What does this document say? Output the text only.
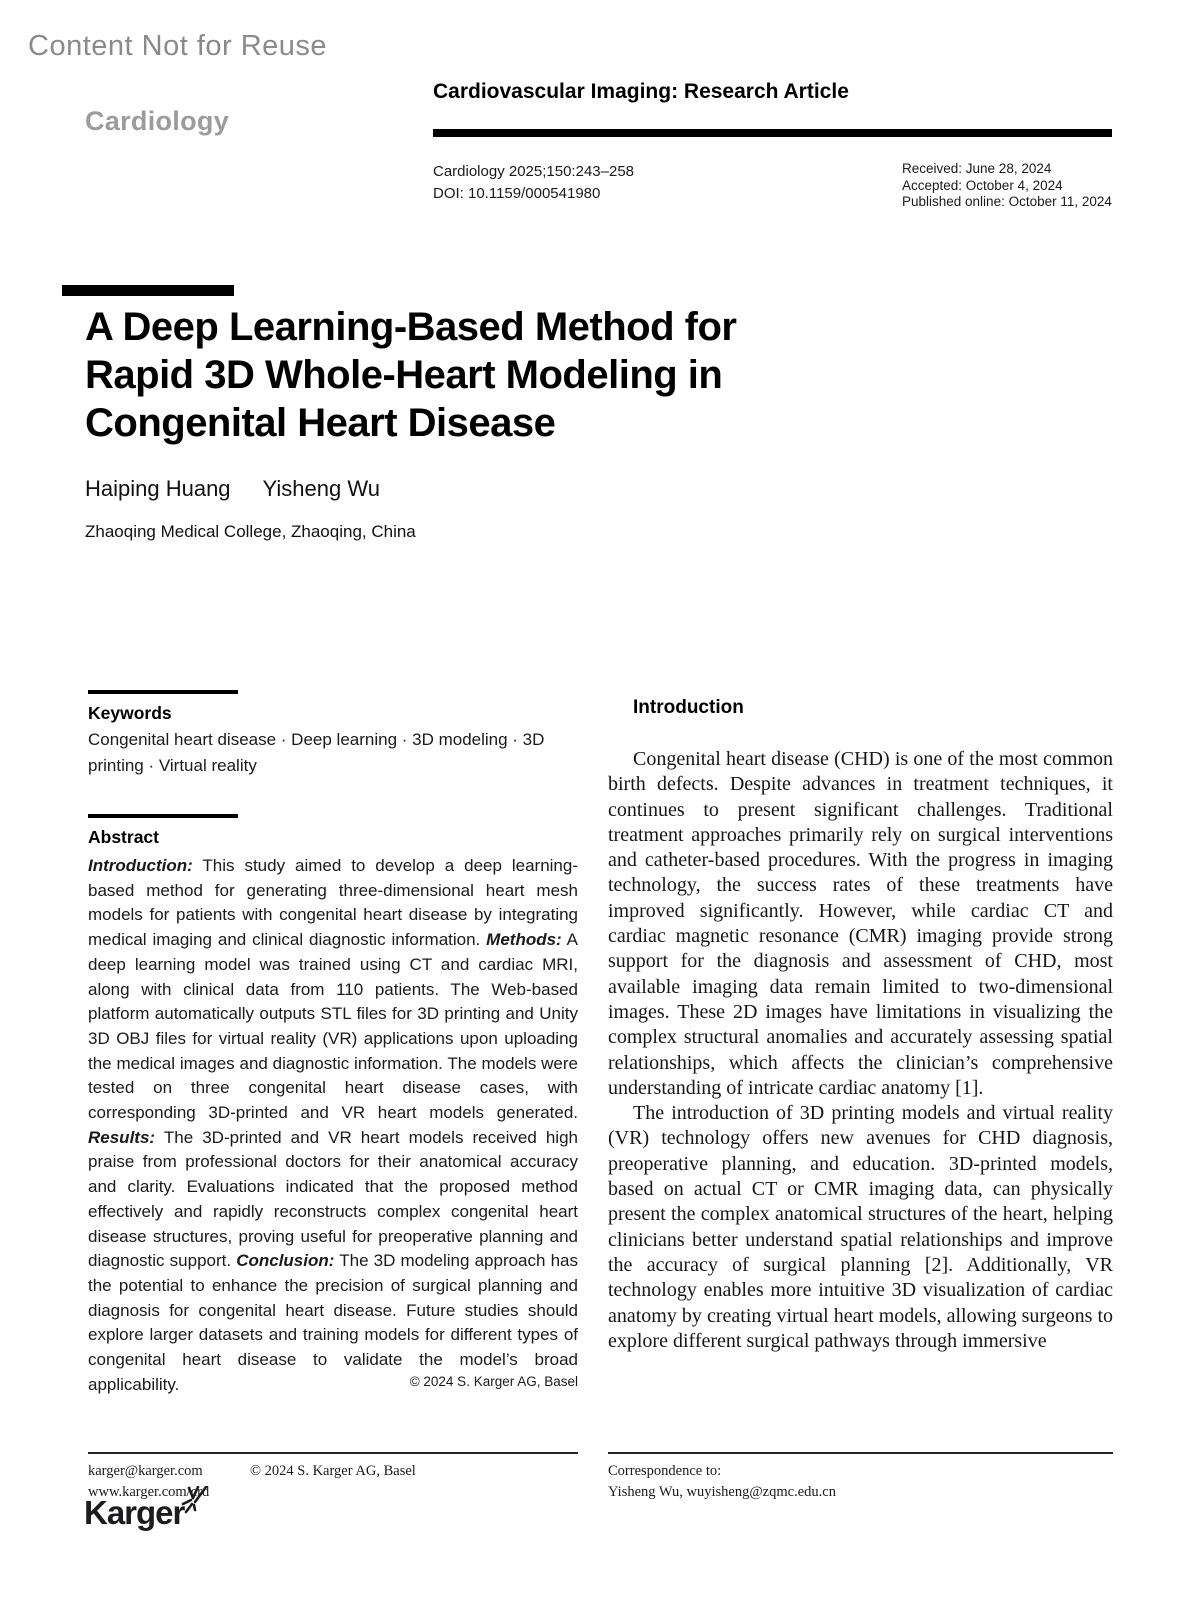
Content Not for Reuse
Cardiology
Cardiovascular Imaging: Research Article
Cardiology 2025;150:243–258
DOI: 10.1159/000541980
Received: June 28, 2024
Accepted: October 4, 2024
Published online: October 11, 2024
A Deep Learning-Based Method for
Rapid 3D Whole-Heart Modeling in
Congenital Heart Disease
Haiping Huang Yisheng Wu
Zhaoqing Medical College, Zhaoqing, China
Keywords
Congenital heart disease · Deep learning · 3D modeling · 3D printing · Virtual reality
Abstract

Introduction: This study aimed to develop a deep learning-based method for generating three-dimensional heart mesh models for patients with congenital heart disease by integrating medical imaging and clinical diagnostic information. Methods: A deep learning model was trained using CT and cardiac MRI, along with clinical data from 110 patients. The Web-based platform automatically outputs STL files for 3D printing and Unity 3D OBJ files for virtual reality (VR) applications upon uploading the medical images and diagnostic information. The models were tested on three congenital heart disease cases, with corresponding 3D-printed and VR heart models generated. Results: The 3D-printed and VR heart models received high praise from professional doctors for their anatomical accuracy and clarity. Evaluations indicated that the proposed method effectively and rapidly reconstructs complex congenital heart disease structures, proving useful for preoperative planning and diagnostic support. Conclusion: The 3D modeling approach has the potential to enhance the precision of surgical planning and diagnosis for congenital heart disease. Future studies should explore larger datasets and training models for different types of congenital heart disease to validate the model’s broad applicability.	© 2024 S. Karger AG, Basel
Introduction

Congenital heart disease (CHD) is one of the most common birth defects. Despite advances in treatment techniques, it continues to present significant challenges. Traditional treatment approaches primarily rely on surgical interventions and catheter-based procedures. With the progress in imaging technology, the success rates of these treatments have improved significantly. However, while cardiac CT and cardiac magnetic resonance (CMR) imaging provide strong support for the diagnosis and assessment of CHD, most available imaging data remain limited to two-dimensional images. These 2D images have limitations in visualizing the complex structural anomalies and accurately assessing spatial relationships, which affects the clinician’s comprehensive understanding of intricate cardiac anatomy [1].

The introduction of 3D printing models and virtual reality (VR) technology offers new avenues for CHD diagnosis, preoperative planning, and education. 3D-printed models, based on actual CT or CMR imaging data, can physically present the complex anatomical structures of the heart, helping clinicians better understand spatial relationships and improve the accuracy of surgical planning [2]. Additionally, VR technology enables more intuitive 3D visualization of cardiac anatomy by creating virtual heart models, allowing surgeons to explore different surgical pathways through immersive

karger@karger.com
www.karger.com/crd
© 2024 S. Karger AG, Basel
Karger
Correspondence to:
Yisheng Wu, wuyisheng@zqmc.edu.cn
